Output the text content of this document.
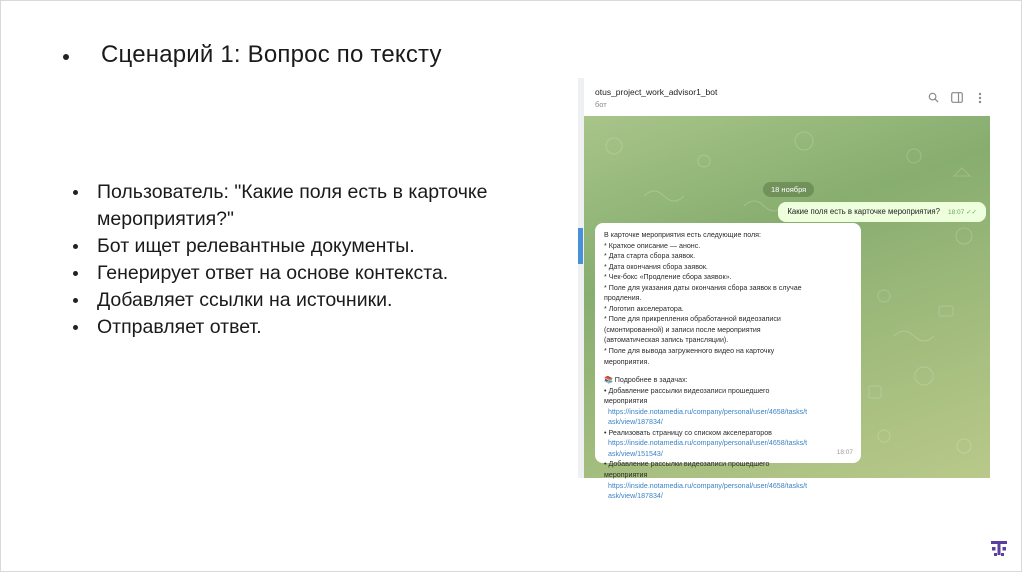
Сценарий 1: Вопрос по тексту
Пользователь: "Какие поля есть в карточке мероприятия?"
Бот ищет релевантные документы.
Генерирует ответ на основе контекста.
Добавляет ссылки на источники.
Отправляет ответ.
otus_project_work_advisor1_bot
бот
18 ноября
Какие поля есть в карточке мероприятия? 18:07 ✓✓
В карточке мероприятия есть следующие поля:
* Краткое описание — анонс.
* Дата старта сбора заявок.
* Дата окончания сбора заявок.
* Чек-бокс «Продление сбора заявок».
* Поле для указания даты окончания сбора заявок в случае
продления.
* Логотип акселератора.
* Поле для прикрепления обработанной видеозаписи
(смонтированной) и записи после мероприятия
(автоматическая запись трансляции).
* Поле для вывода загруженного видео на карточку
мероприятия.
📚 Подробнее в задачах:
• Добавление рассылки видеозаписи прошедшего
мероприятия
https://inside.notamedia.ru/company/personal/user/4658/tasks/t
ask/view/187834/
• Реализовать страницу со списком акселераторов
https://inside.notamedia.ru/company/personal/user/4658/tasks/t
ask/view/151543/
• Добавление рассылки видеозаписи прошедшего
мероприятия
https://inside.notamedia.ru/company/personal/user/4658/tasks/t
ask/view/187834/
18:07
